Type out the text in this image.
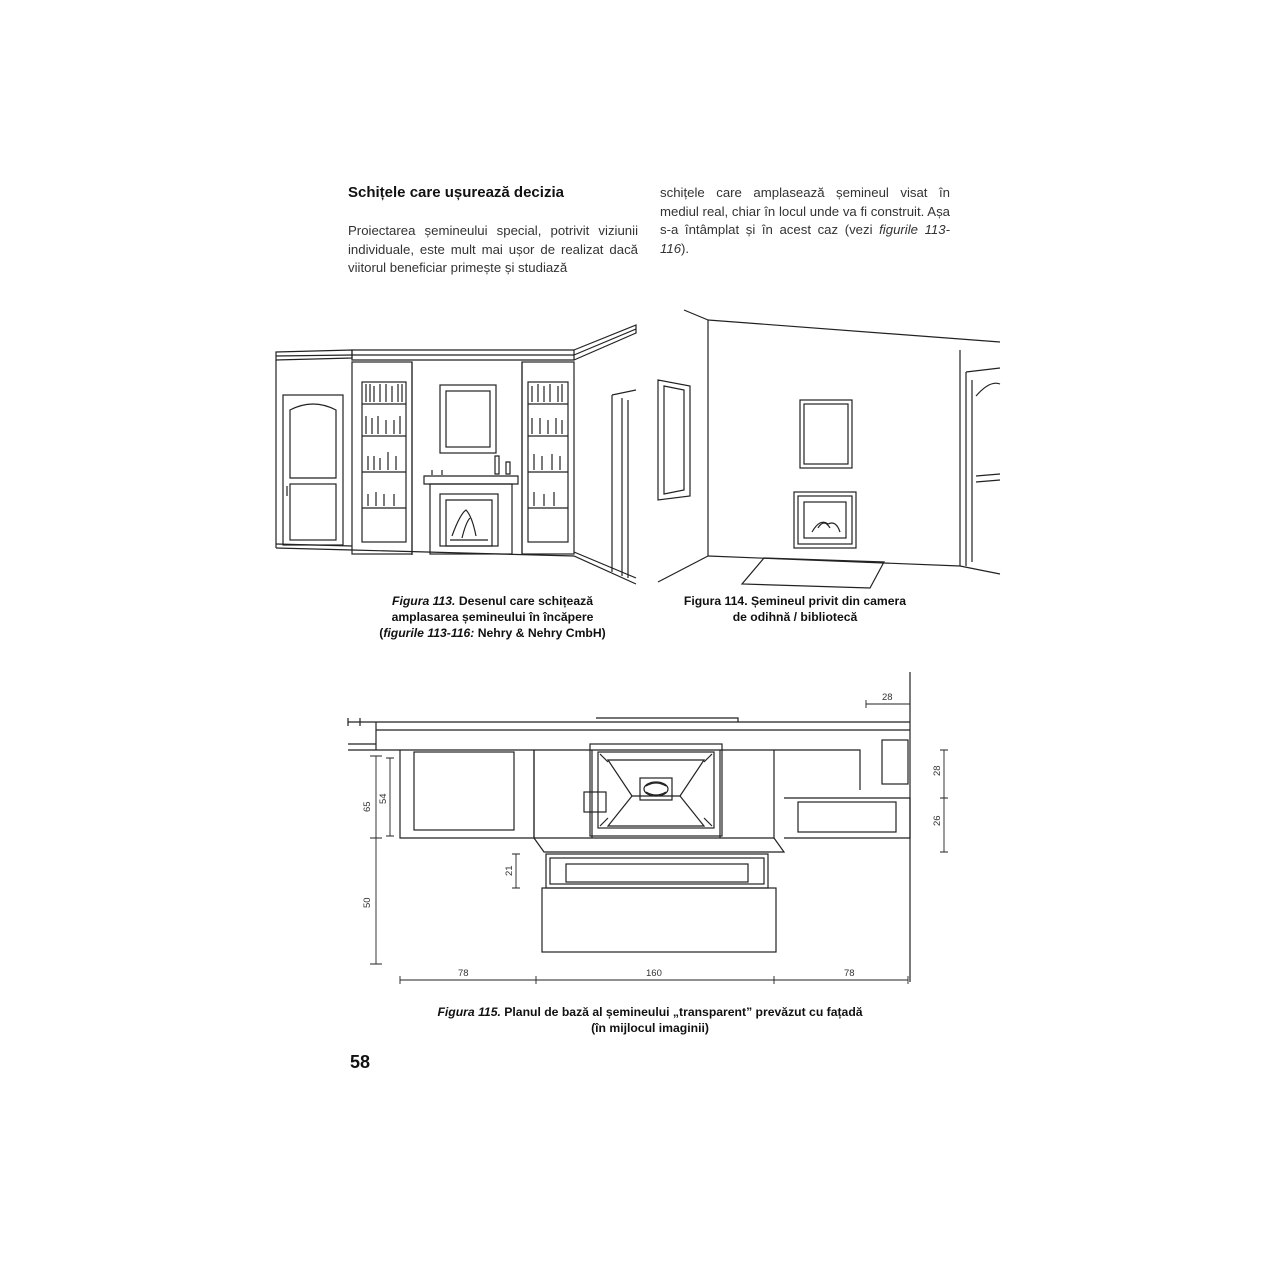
Schițele care ușurează decizia
Proiectarea șemineului special, potrivit viziunii individuale, este mult mai ușor de realizat dacă viitorul beneficiar primește și studiază
schițele care amplasează șemineul visat în mediul real, chiar în locul unde va fi construit. Așa s-a întâmplat și în acest caz (vezi figurile 113-116).
28
28
26
65
54
21
50
78	160	78
Figura 113. Desenul care schițează
amplasarea șemineului în încăpere
(figurile 113-116: Nehry & Nehry CmbH)
Figura 114. Șemineul privit din camera
de odihnă / bibliotecă
Figura 115. Planul de bază al șemineului „transparent” prevăzut cu fațadă
(în mijlocul imaginii)
58
